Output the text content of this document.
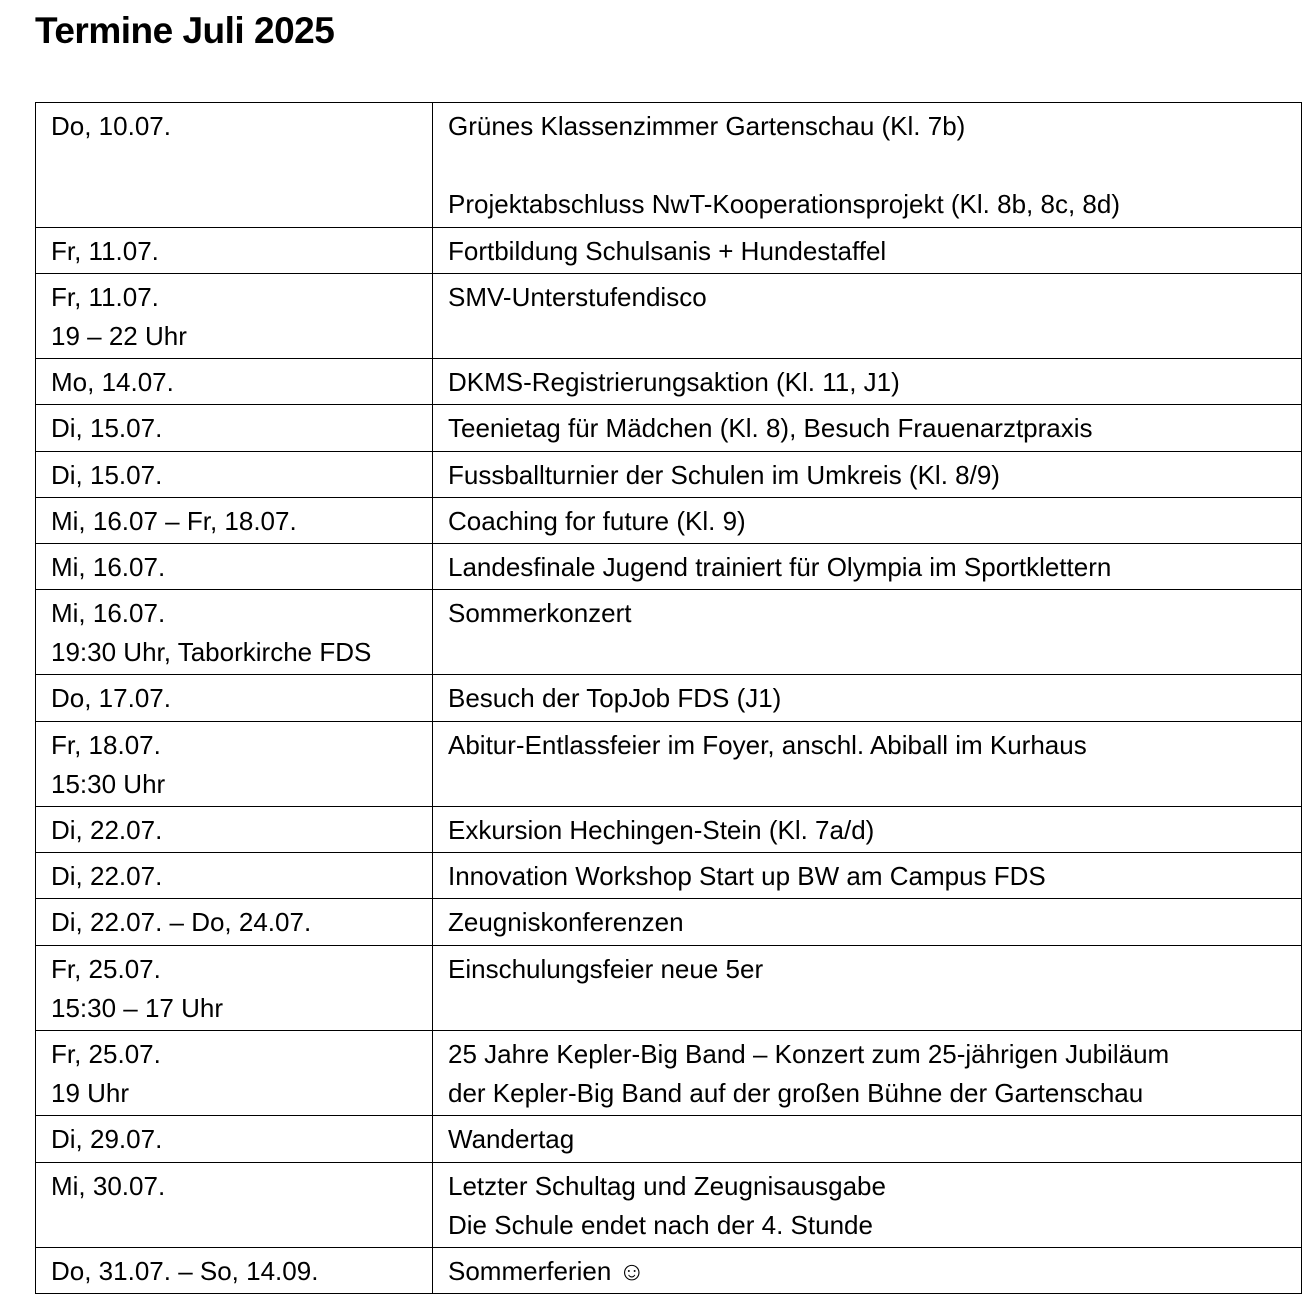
Termine Juli 2025
Do, 10.07.	Grünes Klassenzimmer Gartenschau (Kl. 7b)
Projektabschluss NwT-Kooperationsprojekt (Kl. 8b, 8c, 8d)

Fr, 11.07.	Fortbildung Schulsanis + Hundestaffel

Fr, 11.07.
19 – 22 Uhr	SMV-Unterstufendisco

Mo, 14.07.	DKMS-Registrierungsaktion (Kl. 11, J1)

Di, 15.07.	Teenietag für Mädchen (Kl. 8), Besuch Frauenarztpraxis

Di, 15.07.	Fussballturnier der Schulen im Umkreis (Kl. 8/9)

Mi, 16.07 – Fr, 18.07.	Coaching for future (Kl. 9)

Mi, 16.07.	Landesfinale Jugend trainiert für Olympia im Sportklettern

Mi, 16.07.
19:30 Uhr, Taborkirche FDS	Sommerkonzert

Do, 17.07.	Besuch der TopJob FDS (J1)

Fr, 18.07.
15:30 Uhr	Abitur-Entlassfeier im Foyer, anschl. Abiball im Kurhaus

Di, 22.07.	Exkursion Hechingen-Stein (Kl. 7a/d)

Di, 22.07.	Innovation Workshop Start up BW am Campus FDS

Di, 22.07. – Do, 24.07.	Zeugniskonferenzen

Fr, 25.07.
15:30 – 17 Uhr	Einschulungsfeier neue 5er

Fr, 25.07.
19 Uhr	25 Jahre Kepler-Big Band – Konzert zum 25-jährigen Jubiläum
der Kepler-Big Band auf der großen Bühne der Gartenschau

Di, 29.07.	Wandertag

Mi, 30.07.	Letzter Schultag und Zeugnisausgabe
Die Schule endet nach der 4. Stunde

Do, 31.07. – So, 14.09.	Sommerferien ☺
